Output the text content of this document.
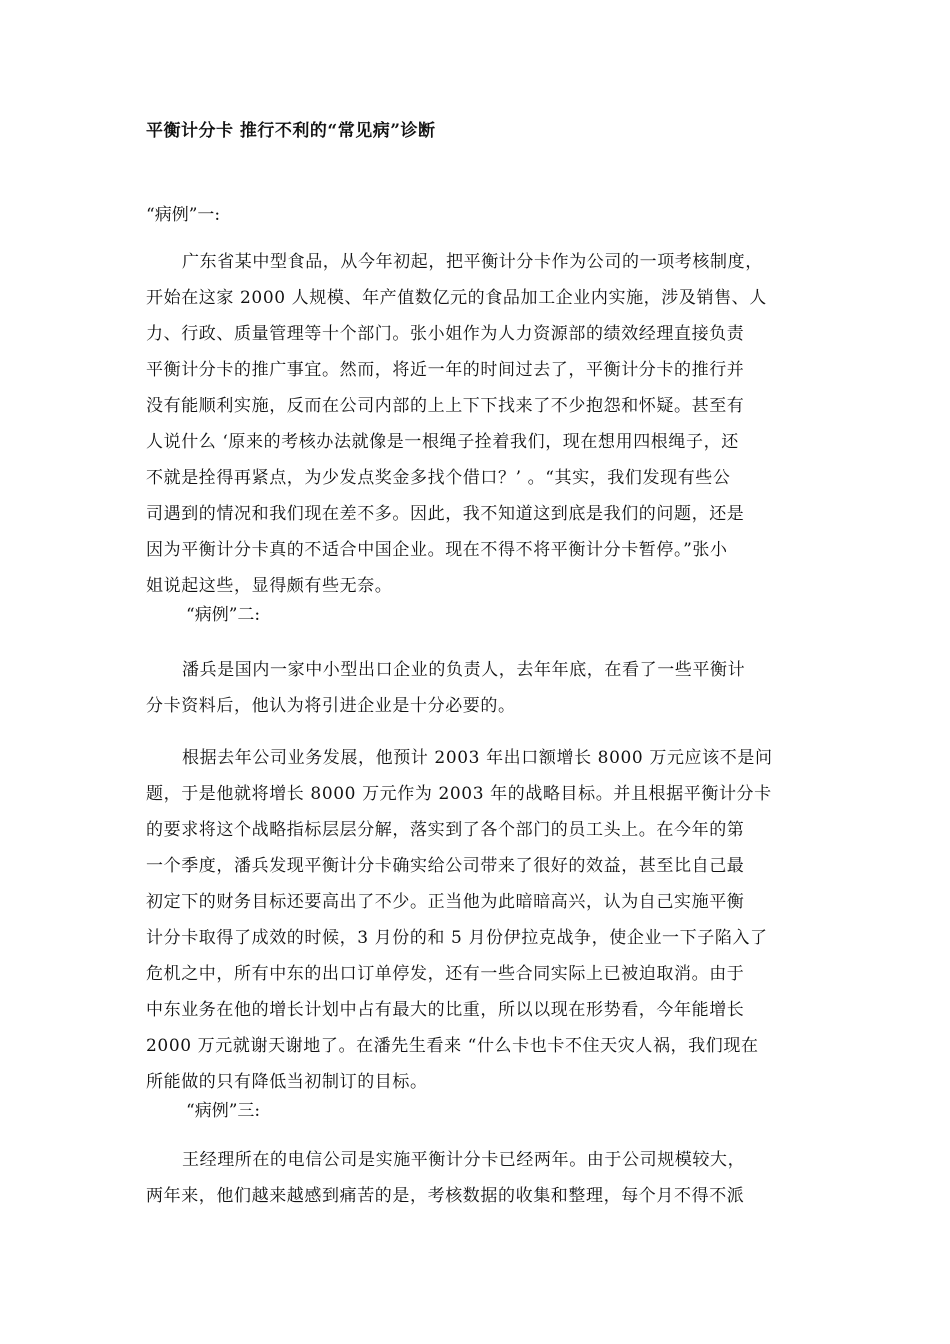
平衡计分卡 推行不利的“常见病”诊断

“病例”一:

广东省某中型食品，从今年初起，把平衡计分卡作为公司的一项考核制度，
开始在这家 2000 人规模、年产值数亿元的食品加工企业内实施，涉及销售、人
力、行政、质量管理等十个部门。张小姐作为人力资源部的绩效经理直接负责
平衡计分卡的推广事宜。然而，将近一年的时间过去了，平衡计分卡的推行并
没有能顺利实施，反而在公司内部的上上下下找来了不少抱怨和怀疑。甚至有
人说什么 ‘原来的考核办法就像是一根绳子拴着我们，现在想用四根绳子，还
不就是拴得再紧点，为少发点奖金多找个借口？’ 。“其实，我们发现有些公
司遇到的情况和我们现在差不多。因此，我不知道这到底是我们的问题，还是
因为平衡计分卡真的不适合中国企业。现在不得不将平衡计分卡暂停。”张小
姐说起这些，显得颇有些无奈。

“病例”二:

潘兵是国内一家中小型出口企业的负责人，去年年底，在看了一些平衡计
分卡资料后，他认为将引进企业是十分必要的。
根据去年公司业务发展，他预计 2003 年出口额增长 8000 万元应该不是问
题，于是他就将增长 8000 万元作为 2003 年的战略目标。并且根据平衡计分卡
的要求将这个战略指标层层分解，落实到了各个部门的员工头上。在今年的第
一个季度，潘兵发现平衡计分卡确实给公司带来了很好的效益，甚至比自己最
初定下的财务目标还要高出了不少。正当他为此暗暗高兴，认为自己实施平衡
计分卡取得了成效的时候，3 月份的和 5 月份伊拉克战争，使企业一下子陷入了
危机之中，所有中东的出口订单停发，还有一些合同实际上已被迫取消。由于
中东业务在他的增长计划中占有最大的比重，所以以现在形势看，今年能增长
2000 万元就谢天谢地了。在潘先生看来 “什么卡也卡不住天灾人祸，我们现在
所能做的只有降低当初制订的目标。

“病例”三:

王经理所在的电信公司是实施平衡计分卡已经两年。由于公司规模较大，
两年来，他们越来越感到痛苦的是，考核数据的收集和整理，每个月不得不派
